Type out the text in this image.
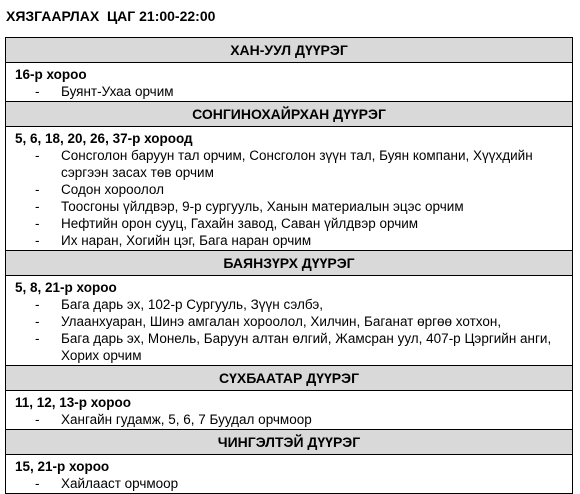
ХЯЗГААРЛАХ  ЦАГ 21:00-22:00
ХАН-УУЛ ДҮҮРЭГ
16-р хороо
- Буянт-Ухаа орчим
СОНГИНОХАЙРХАН ДҮҮРЭГ
5, 6, 18, 20, 26, 37-р хороод
- Сонсголон баруун тал орчим, Сонсголон зүүн тал, Буян компани, Хүүхдийн сэргээн засах төв орчим
- Содон хороолол
- Тоосгоны үйлдвэр, 9-р сургууль, Ханын материалын эцэс орчим
- Нефтийн орон сууц, Гахайн завод, Саван үйлдвэр орчим
- Их наран, Хогийн цэг, Бага наран орчим
БАЯНЗҮРХ ДҮҮРЭГ
5, 8, 21-р хороо
- Бага дарь эх, 102-р Сургууль, Зүүн сэлбэ,
- Улаанхуаран, Шинэ амгалан хороолол, Хилчин, Баганат өргөө хотхон,
- Бага дарь эх, Монель, Баруун алтан өлгий, Жамсран уул, 407-р Цэргийн анги, Хорих орчим
СҮХБААТАР ДҮҮРЭГ
11, 12, 13-р хороо
- Хангайн гудамж, 5, 6, 7 Буудал орчмоор
ЧИНГЭЛТЭЙ ДҮҮРЭГ
15, 21-р хороо
- Хайлааст орчмоор
